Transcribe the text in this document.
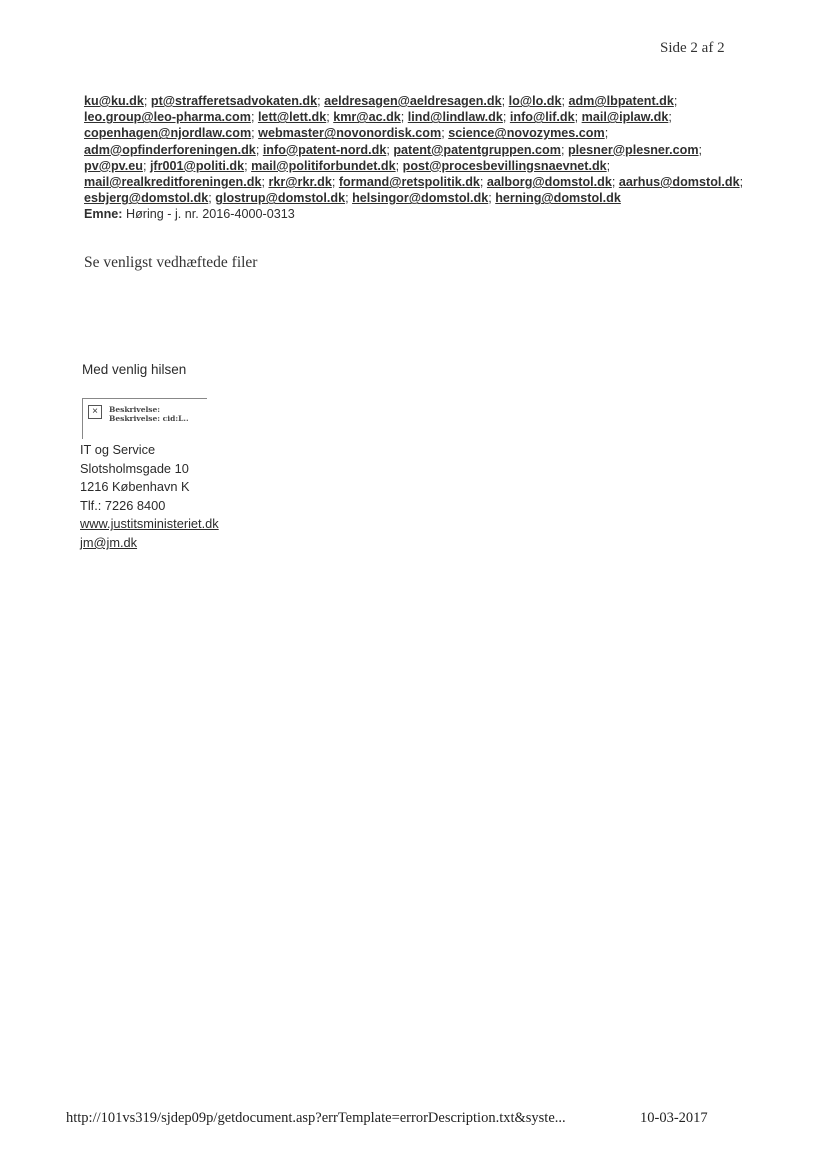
Side 2 af 2
ku@ku.dk; pt@strafferetsadvokaten.dk; aeldresagen@aeldresagen.dk; lo@lo.dk; adm@lbpatent.dk;
leo.group@leo-pharma.com; lett@lett.dk; kmr@ac.dk; lind@lindlaw.dk; info@lif.dk; mail@iplaw.dk;
copenhagen@njordlaw.com; webmaster@novonordisk.com; science@novozymes.com;
adm@opfinderforeningen.dk; info@patent-nord.dk; patent@patentgruppen.com; plesner@plesner.com;
pv@pv.eu; jfr001@politi.dk; mail@politiforbundet.dk; post@procesbevillingsnaevnet.dk;
mail@realkreditforeningen.dk; rkr@rkr.dk; formand@retspolitik.dk; aalborg@domstol.dk; aarhus@domstol.dk;
esbjerg@domstol.dk; glostrup@domstol.dk; helsingor@domstol.dk; herning@domstol.dk
Emne: Høring - j. nr. 2016-4000-0313
Se venligst vedhæftede filer
Med venlig hilsen
×	Beskrivelse:
Beskrivelse: cid:L..
IT og Service
Slotsholmsgade 10
1216 København K
Tlf.: 7226 8400
www.justitsministeriet.dk
jm@jm.dk
http://101vs319/sjdep09p/getdocument.asp?errTemplate=errorDescription.txt&syste...	10-03-2017
